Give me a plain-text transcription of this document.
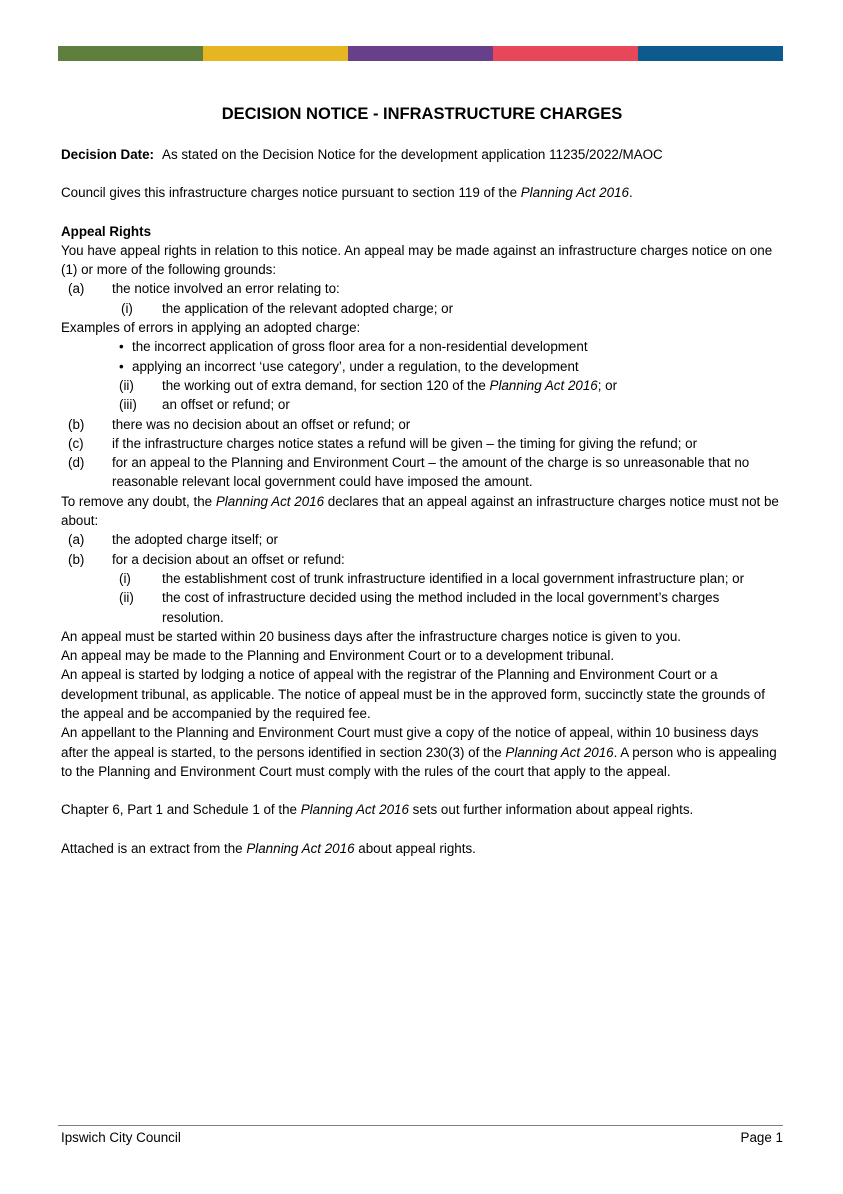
DECISION NOTICE - INFRASTRUCTURE CHARGES

Decision Date: As stated on the Decision Notice for the development application 11235/2022/MAOC

Council gives this infrastructure charges notice pursuant to section 119 of the Planning Act 2016.

Appeal Rights

You have appeal rights in relation to this notice. An appeal may be made against an infrastructure charges notice on one (1) or more of the following grounds:

(a)	the notice involved an error relating to:
(i)	the application of the relevant adopted charge; or

Examples of errors in applying an adopted charge:

• the incorrect application of gross floor area for a non-residential development
• applying an incorrect ‘use category’, under a regulation, to the development
(ii)	the working out of extra demand, for section 120 of the Planning Act 2016; or
(iii)	an offset or refund; or
(b)	there was no decision about an offset or refund; or
(c)	if the infrastructure charges notice states a refund will be given – the timing for giving the refund; or
(d)	for an appeal to the Planning and Environment Court – the amount of the charge is so unreasonable that no reasonable relevant local government could have imposed the amount.

To remove any doubt, the Planning Act 2016 declares that an appeal against an infrastructure charges notice must not be about:

(a)	the adopted charge itself; or
(b)	for a decision about an offset or refund:
(i)	the establishment cost of trunk infrastructure identified in a local government infrastructure plan; or
(ii)	the cost of infrastructure decided using the method included in the local government’s charges resolution.

An appeal must be started within 20 business days after the infrastructure charges notice is given to you.

An appeal may be made to the Planning and Environment Court or to a development tribunal.

An appeal is started by lodging a notice of appeal with the registrar of the Planning and Environment Court or a development tribunal, as applicable. The notice of appeal must be in the approved form, succinctly state the grounds of the appeal and be accompanied by the required fee.

An appellant to the Planning and Environment Court must give a copy of the notice of appeal, within 10 business days after the appeal is started, to the persons identified in section 230(3) of the Planning Act 2016. A person who is appealing to the Planning and Environment Court must comply with the rules of the court that apply to the appeal.

Chapter 6, Part 1 and Schedule 1 of the Planning Act 2016 sets out further information about appeal rights.

Attached is an extract from the Planning Act 2016 about appeal rights.

Ipswich City Council	Page 1
